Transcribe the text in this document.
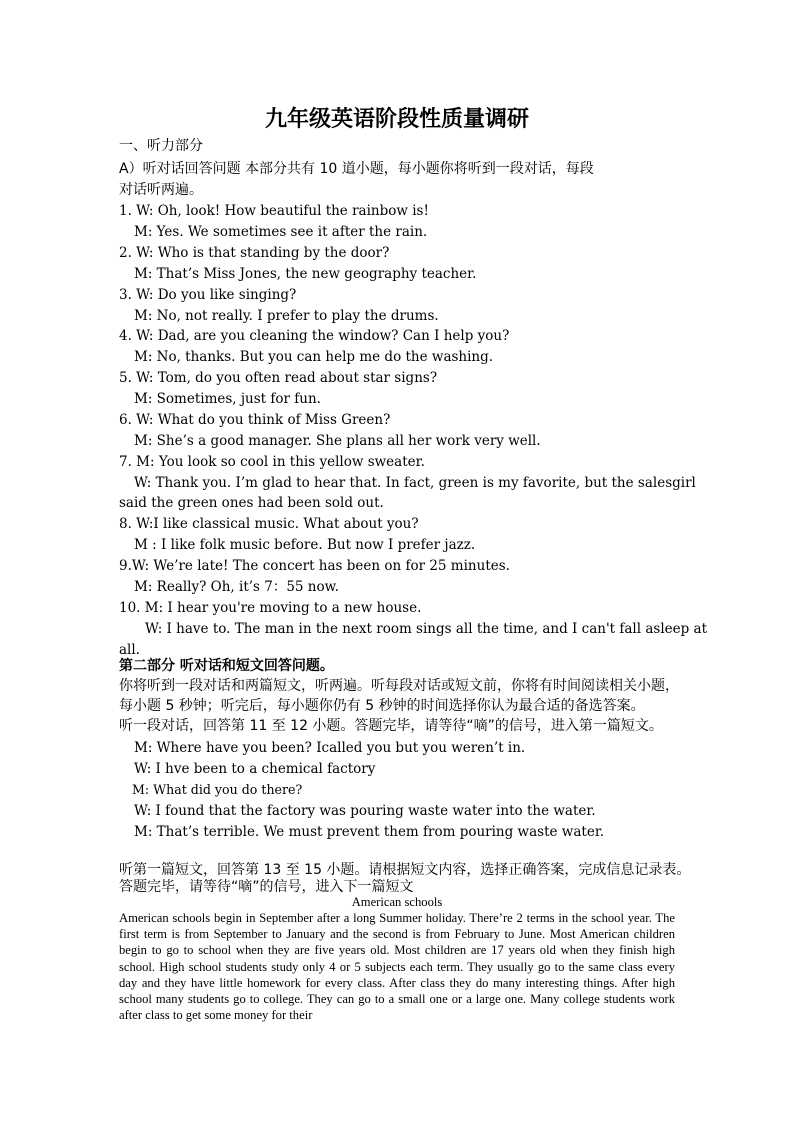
九年级英语阶段性质量调研
一、听力部分
A）听对话回答问题 本部分共有 10 道小题，每小题你将听到一段对话，每段
对话听两遍。
1. W: Oh, look! How beautiful the rainbow is!
M: Yes. We sometimes see it after the rain.
2. W: Who is that standing by the door?
M: That’s Miss Jones, the new geography teacher.
3. W: Do you like singing?
M: No, not really. I prefer to play the drums.
4. W: Dad, are you cleaning the window? Can I help you?
M: No, thanks. But you can help me do the washing.
5. W: Tom, do you often read about star signs?
M: Sometimes, just for fun.
6. W: What do you think of Miss Green?
M: She’s a good manager. She plans all her work very well.
7. M: You look so cool in this yellow sweater.
W: Thank you. I’m glad to hear that. In fact, green is my favorite, but the salesgirl
said the green ones had been sold out.
8. W:I like classical music. What about you?
M : I like folk music before. But now I prefer jazz.
9.W: We’re late! The concert has been on for 25 minutes.
M: Really? Oh, it’s 7：55 now.
10. M: I hear you're moving to a new house.
W: I have to. The man in the next room sings all the time, and I can't fall asleep at
all.
第二部分 听对话和短文回答问题。
你将听到一段对话和两篇短文，听两遍。听每段对话或短文前，你将有时间阅读相关小题，
每小题 5 秒钟；听完后，每小题你仍有 5 秒钟的时间选择你认为最合适的备选答案。
听一段对话，回答第 11 至 12 小题。答题完毕，请等待“嘀”的信号，进入第一篇短文。
M: Where have you been? Icalled you but you weren’t in.
W: I hve been to a chemical factory
M: What did you do there?
W: I found that the factory was pouring waste water into the water.
M: That’s terrible. We must prevent them from pouring waste water.
听第一篇短文，回答第 13 至 15 小题。请根据短文内容，选择正确答案，完成信息记录表。
答题完毕，请等待“嘀”的信号，进入下一篇短文
American schools
American schools begin in September after a long Summer holiday. There’re 2 terms in the school year. The first term is from September to January and the second is from February to June. Most American children begin to go to school when they are five years old. Most children are 17 years old when they finish high school. High school students study only 4 or 5 subjects each term. They usually go to the same class every day and they have little homework for every class. After class they do many interesting things. After high school many students go to college. They can go to a small one or a large one. Many college students work after class to get some money for their
